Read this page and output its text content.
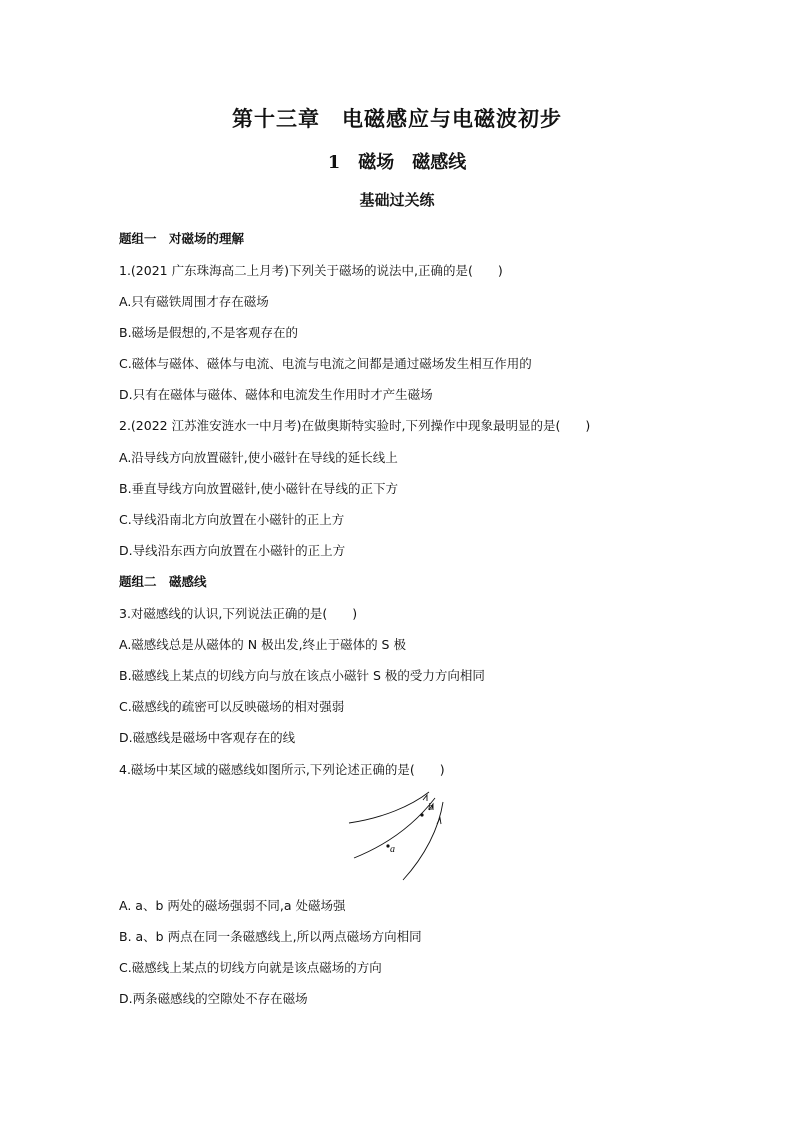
第十三章　电磁感应与电磁波初步
1　磁场　磁感线
基础过关练
题组一　对磁场的理解
1.(2021 广东珠海高二上月考)下列关于磁场的说法中,正确的是(　　)
A.只有磁铁周围才存在磁场
B.磁场是假想的,不是客观存在的
C.磁体与磁体、磁体与电流、电流与电流之间都是通过磁场发生相互作用的
D.只有在磁体与磁体、磁体和电流发生作用时才产生磁场
2.(2022 江苏淮安涟水一中月考)在做奥斯特实验时,下列操作中现象最明显的是(　　)
A.沿导线方向放置磁针,使小磁针在导线的延长线上
B.垂直导线方向放置磁针,使小磁针在导线的正下方
C.导线沿南北方向放置在小磁针的正上方
D.导线沿东西方向放置在小磁针的正上方
题组二　磁感线
3.对磁感线的认识,下列说法正确的是(　　)
A.磁感线总是从磁体的 N 极出发,终止于磁体的 S 极
B.磁感线上某点的切线方向与放在该点小磁针 S 极的受力方向相同
C.磁感线的疏密可以反映磁场的相对强弱
D.磁感线是磁场中客观存在的线
4.磁场中某区域的磁感线如图所示,下列论述正确的是(　　)
a
b
A. a、b 两处的磁场强弱不同,a 处磁场强
B. a、b 两点在同一条磁感线上,所以两点磁场方向相同
C.磁感线上某点的切线方向就是该点磁场的方向
D.两条磁感线的空隙处不存在磁场
